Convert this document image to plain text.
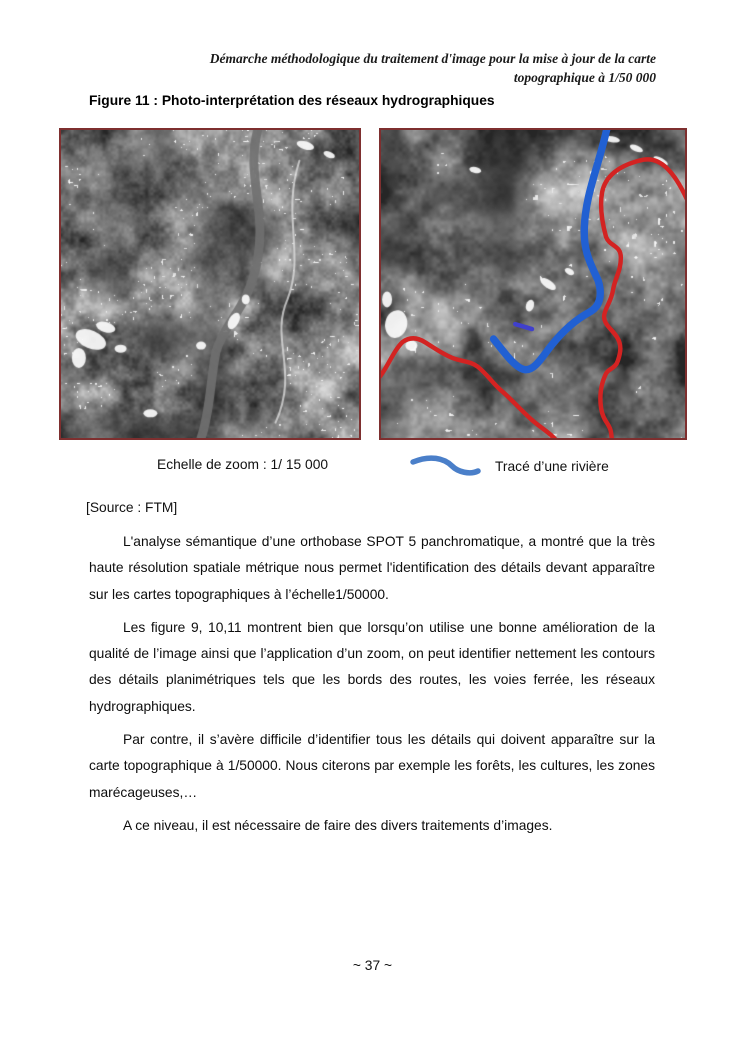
Démarche méthodologique du traitement d'image pour la mise à jour de la carte
topographique à 1/50 000
Figure 11 : Photo-interprétation des réseaux hydrographiques
Echelle de zoom : 1/ 15 000	Tracé d’une rivière
[Source : FTM]

L'analyse sémantique d’une orthobase SPOT 5 panchromatique, a montré que la très haute résolution spatiale métrique nous permet l'identification des détails devant apparaître sur les cartes topographiques à l’échelle1/50000.

Les figure 9, 10,11 montrent bien que lorsqu’on utilise une bonne amélioration de la qualité de l’image ainsi que l’application d’un zoom, on peut identifier nettement les contours des détails planimétriques tels que les bords des routes, les voies ferrée, les réseaux hydrographiques.

Par contre, il s’avère difficile d’identifier tous les détails qui doivent apparaître sur la carte topographique à 1/50000. Nous citerons par exemple les forêts, les cultures, les zones marécageuses,…

A ce niveau, il est nécessaire de faire des divers traitements d’images.

~ 37 ~
